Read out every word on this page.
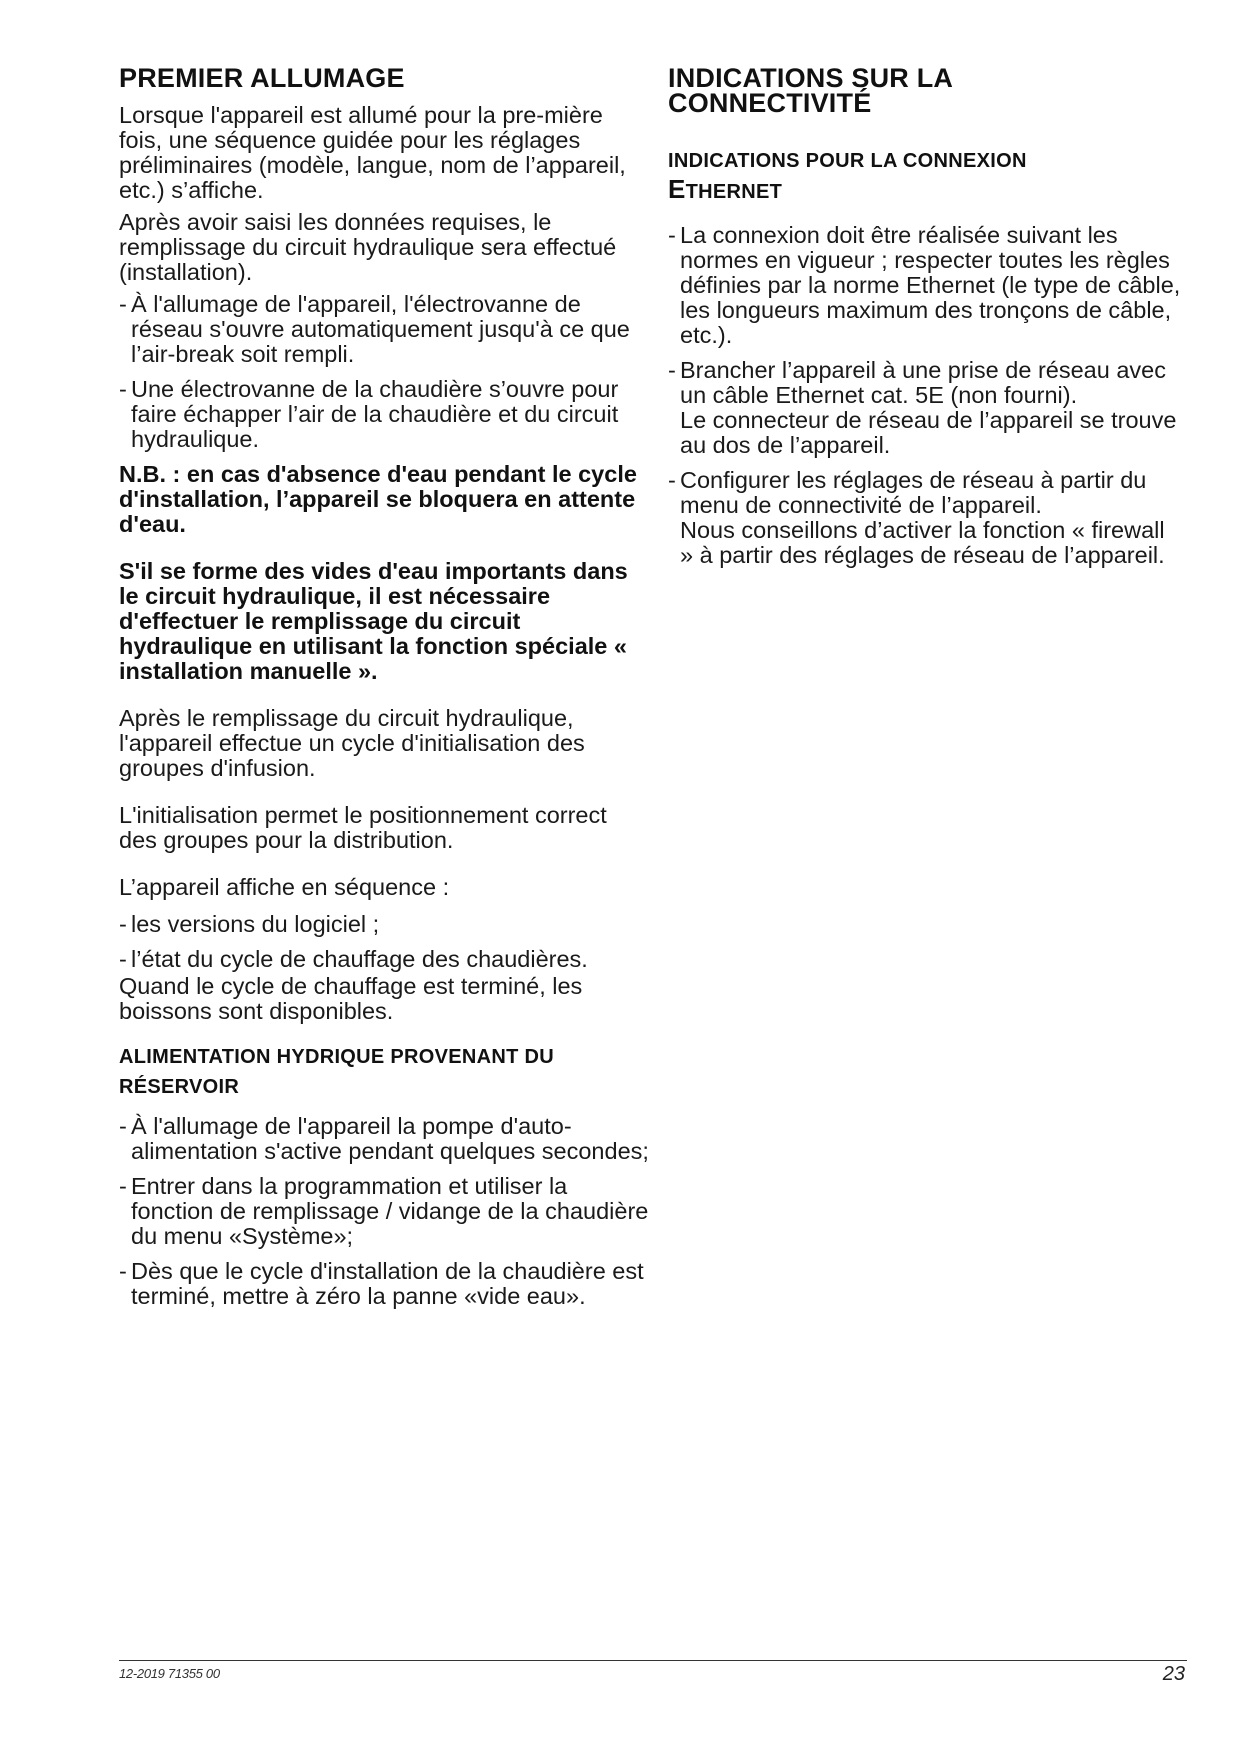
PREMIER ALLUMAGE

Lorsque l'appareil est allumé pour la pre-mière fois, une séquence guidée pour les réglages préliminaires (modèle, langue, nom de l’appareil, etc.) s’affiche.

Après avoir saisi les données requises, le remplissage du circuit hydraulique sera effectué (installation).

- À l'allumage de l'appareil, l'électrovanne de réseau s'ouvre automatiquement jusqu'à ce que l’air-break soit rempli.
- Une électrovanne de la chaudière s’ouvre pour faire échapper l’air de la chaudière et du circuit hydraulique.

N.B. : en cas d'absence d'eau pendant le cycle d'installation, l’appareil se bloquera en attente d'eau.

S'il se forme des vides d'eau importants dans le circuit hydraulique, il est nécessaire d'effectuer le remplissage du circuit hydraulique en utilisant la fonction spéciale « installation manuelle ».

Après le remplissage du circuit hydraulique, l'appareil effectue un cycle d'initialisation des groupes d'infusion.

L'initialisation permet le positionnement correct des groupes pour la distribution.

L’appareil affiche en séquence :

- les versions du logiciel ;
- l’état du cycle de chauffage des chaudières.

Quand le cycle de chauffage est terminé, les boissons sont disponibles.

ALIMENTATION HYDRIQUE PROVENANT DU
RÉSERVOIR
- À l'allumage de l'appareil la pompe d'auto-alimentation s'active pendant quelques secondes;
- Entrer dans la programmation et utiliser la fonction de remplissage / vidange de la chaudière du menu «Système»;
- Dès que le cycle d'installation de la chaudière est terminé, mettre à zéro la panne «vide eau».
INDICATIONS SUR LA
CONNECTIVITÉ
INDICATIONS POUR LA CONNEXION
ETHERNET
- La connexion doit être réalisée suivant les normes en vigueur ; respecter toutes les règles définies par la norme Ethernet (le type de câble, les longueurs maximum des tronçons de câble, etc.).
- Brancher l’appareil à une prise de réseau avec un câble Ethernet cat. 5E (non fourni).
Le connecteur de réseau de l’appareil se trouve au dos de l’appareil.
- Configurer les réglages de réseau à partir du menu de connectivité de l’appareil.
Nous conseillons d’activer la fonction « firewall » à partir des réglages de réseau de l’appareil.
12-2019 71355 00	23
